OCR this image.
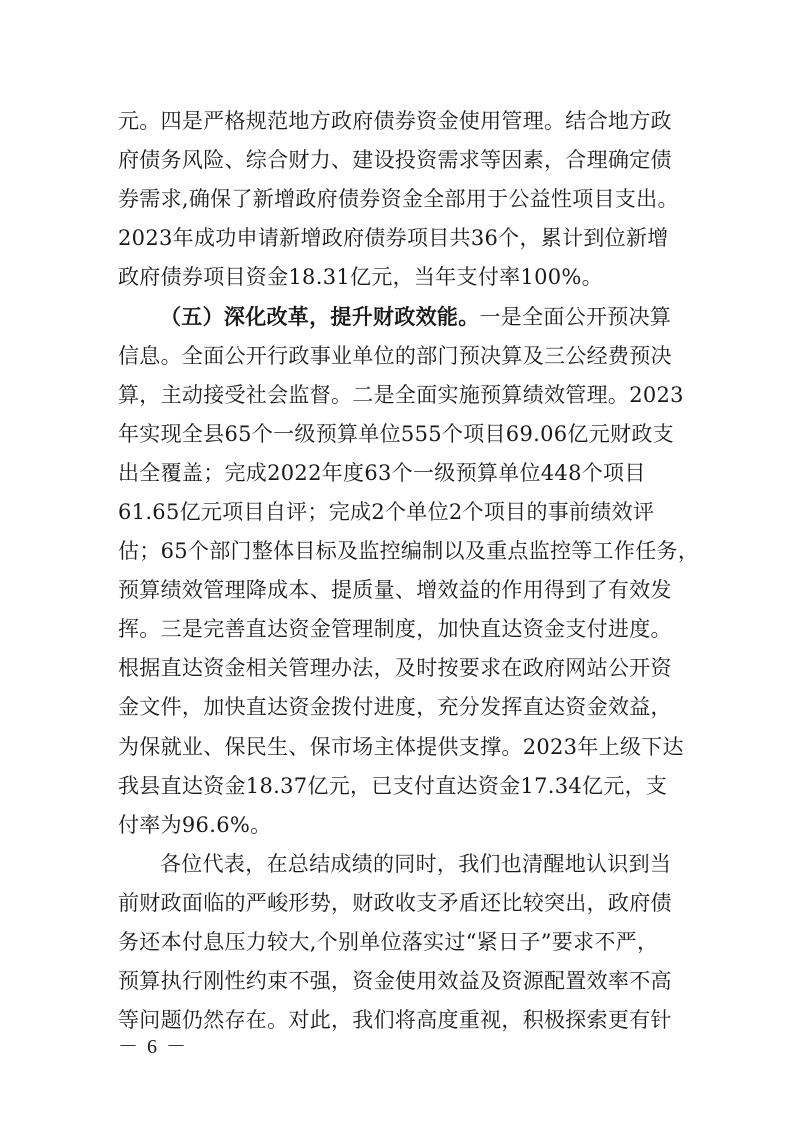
元。四是严格规范地方政府债券资金使用管理。结合地方政
府债务风险、综合财力、建设投资需求等因素，合理确定债
券需求,确保了新增政府债券资金全部用于公益性项目支出。
2023年成功申请新增政府债券项目共36个，累计到位新增
政府债券项目资金18.31亿元，当年支付率100%。
（五）深化改革，提升财政效能。一是全面公开预决算
信息。全面公开行政事业单位的部门预决算及三公经费预决
算，主动接受社会监督。二是全面实施预算绩效管理。2023
年实现全县65个一级预算单位555个项目69.06亿元财政支
出全覆盖；完成2022年度63个一级预算单位448个项目
61.65亿元项目自评；完成2个单位2个项目的事前绩效评
估；65个部门整体目标及监控编制以及重点监控等工作任务，
预算绩效管理降成本、提质量、增效益的作用得到了有效发
挥。三是完善直达资金管理制度，加快直达资金支付进度。
根据直达资金相关管理办法，及时按要求在政府网站公开资
金文件，加快直达资金拨付进度，充分发挥直达资金效益，
为保就业、保民生、保市场主体提供支撑。2023年上级下达
我县直达资金18.37亿元，已支付直达资金17.34亿元，支
付率为96.6%。
各位代表，在总结成绩的同时，我们也清醒地认识到当
前财政面临的严峻形势，财政收支矛盾还比较突出，政府债
务还本付息压力较大,个别单位落实过“紧日子”要求不严，
预算执行刚性约束不强，资金使用效益及资源配置效率不高
等问题仍然存在。对此，我们将高度重视，积极探索更有针
－ 6 －
